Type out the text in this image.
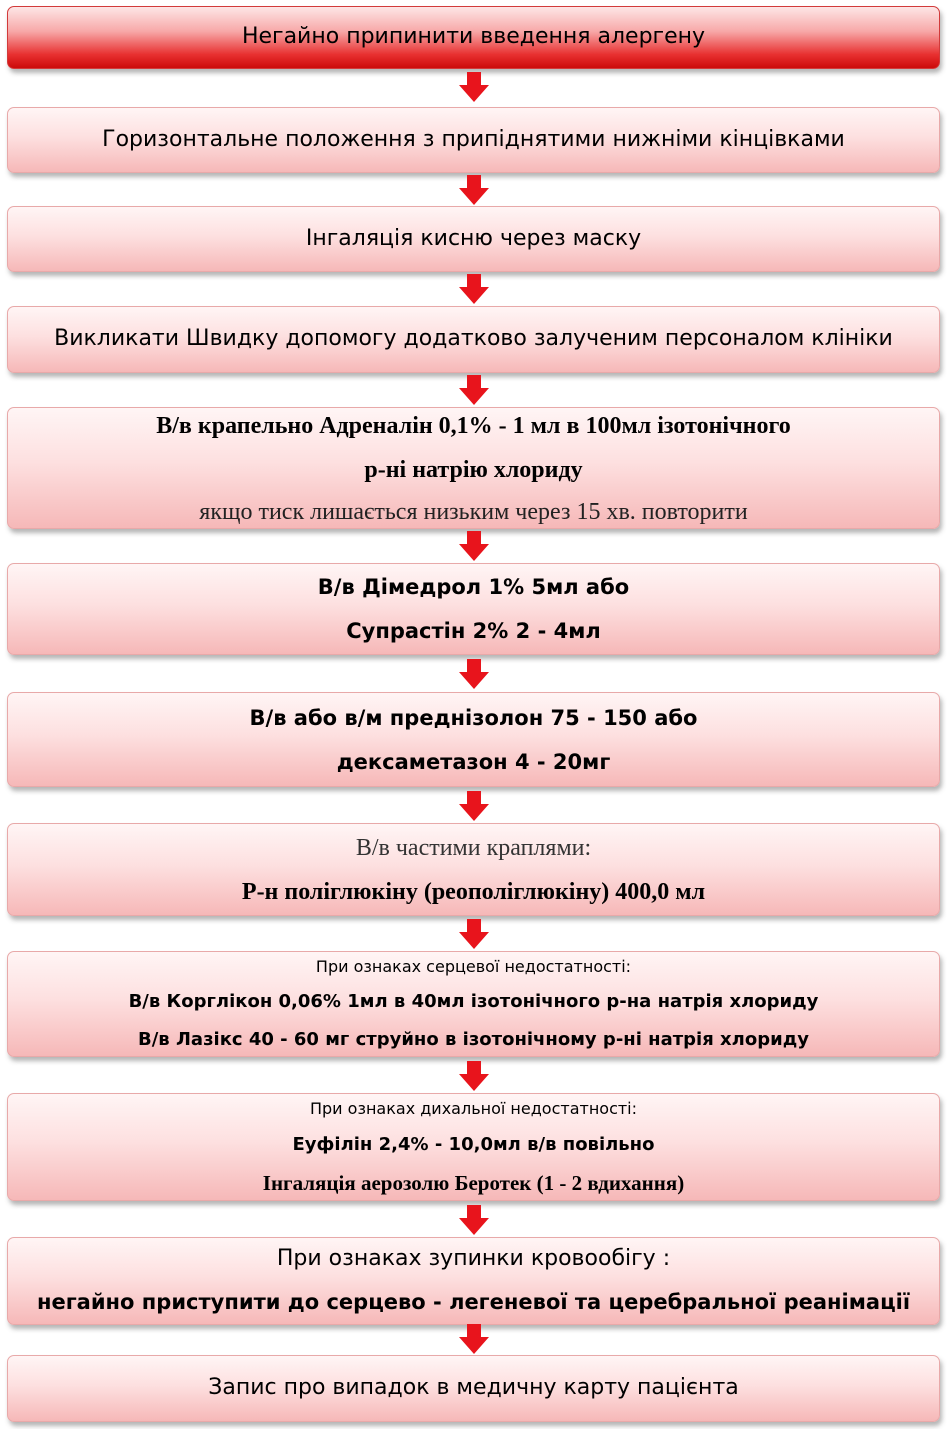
Негайно припинити введення алергену
Горизонтальне положення з припіднятими нижніми кінцівками
Інгаляція кисню через маску
Викликати Швидку допомогу додатково залученим персоналом клініки
В/в крапельно Адреналін 0,1% - 1 мл в 100мл ізотонічного
р-ні натрію хлориду
якщо тиск лишається низьким через 15 хв. повторити
В/в Дімедрол 1% 5мл або
Супрастін 2% 2 - 4мл
В/в або в/м преднізолон 75 - 150 або
дексаметазон 4 - 20мг
В/в частими краплями:
Р-н поліглюкіну (реополіглюкіну) 400,0 мл
При ознаках серцевої недостатності:
В/в Корглікон 0,06% 1мл в 40мл ізотонічного р-на натрія хлориду
В/в Лазікс 40 - 60 мг струйно в ізотонічному р-ні натрія хлориду
При ознаках дихальної недостатності:
Еуфілін 2,4% - 10,0мл в/в повільно
Інгаляція аерозолю Беротек (1 - 2 вдихання)
При ознаках зупинки кровообігу :
негайно приступити до серцево - легеневої та церебральної реанімації
Запис про випадок в медичну карту пацієнта
